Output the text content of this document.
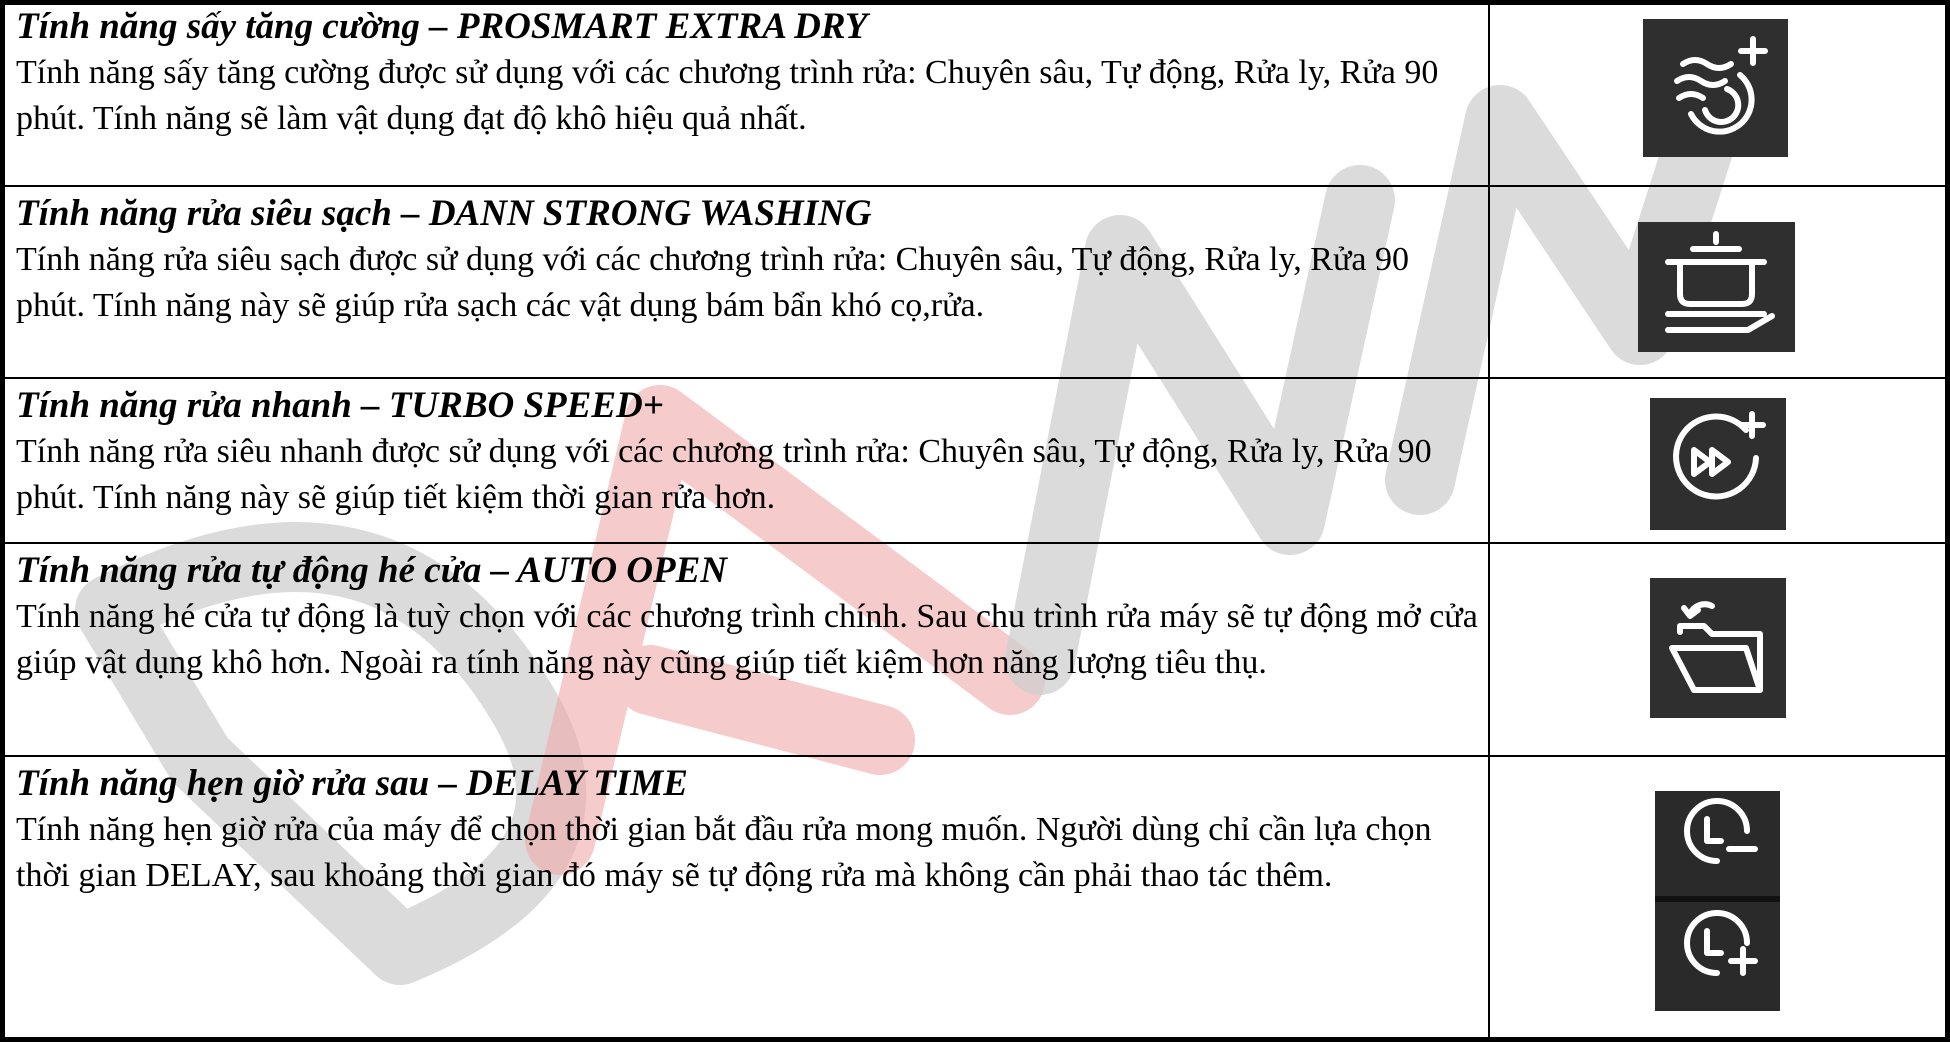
Tính năng sấy tăng cường – PROSMART EXTRA DRY
Tính năng sấy tăng cường được sử dụng với các chương trình rửa: Chuyên sâu, Tự động, Rửa ly, Rửa 90 phút. Tính năng sẽ làm vật dụng đạt độ khô hiệu quả nhất.
Tính năng rửa siêu sạch – DANN STRONG WASHING
Tính năng rửa siêu sạch được sử dụng với các chương trình rửa: Chuyên sâu, Tự động, Rửa ly, Rửa 90 phút. Tính năng này sẽ giúp rửa sạch các vật dụng bám bẩn khó cọ,rửa.
Tính năng rửa nhanh – TURBO SPEED+
Tính năng rửa siêu nhanh được sử dụng với các chương trình rửa: Chuyên sâu, Tự động, Rửa ly, Rửa 90 phút. Tính năng này sẽ giúp tiết kiệm thời gian rửa hơn.
Tính năng rửa tự động hé cửa – AUTO OPEN
Tính năng hé cửa tự động là tuỳ chọn với các chương trình chính. Sau chu trình rửa máy sẽ tự động mở cửa giúp vật dụng khô hơn. Ngoài ra tính năng này cũng giúp tiết kiệm hơn năng lượng tiêu thụ.
Tính năng hẹn giờ rửa sau – DELAY TIME
Tính năng hẹn giờ rửa của máy để chọn thời gian bắt đầu rửa mong muốn. Người dùng chỉ cần lựa chọn thời gian DELAY, sau khoảng thời gian đó máy sẽ tự động rửa mà không cần phải thao tác thêm.
